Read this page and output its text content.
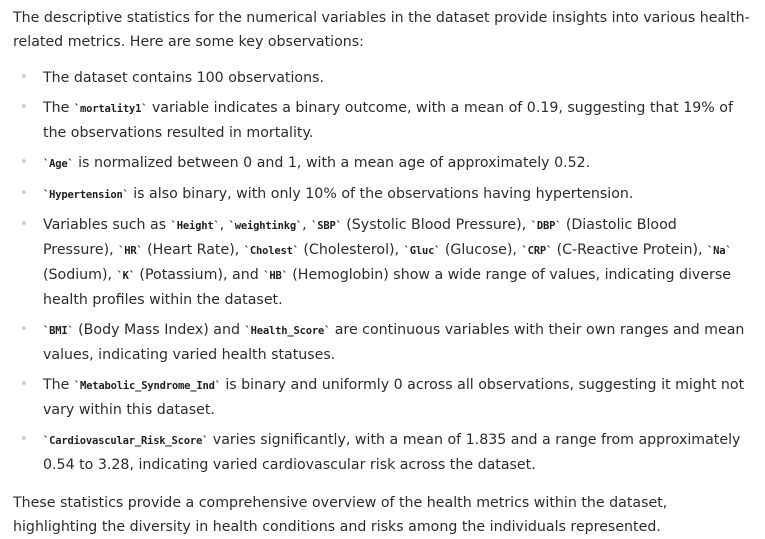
The descriptive statistics for the numerical variables in the dataset provide insights into various health-related metrics. Here are some key observations:

• The dataset contains 100 observations.
• The `mortality1` variable indicates a binary outcome, with a mean of 0.19, suggesting that 19% of the observations resulted in mortality.
• `Age` is normalized between 0 and 1, with a mean age of approximately 0.52.
• `Hypertension` is also binary, with only 10% of the observations having hypertension.
• Variables such as `Height`, `weightinkg`, `SBP` (Systolic Blood Pressure), `DBP` (Diastolic Blood Pressure), `HR` (Heart Rate), `Cholest` (Cholesterol), `Gluc` (Glucose), `CRP` (C-Reactive Protein), `Na` (Sodium), `K` (Potassium), and `HB` (Hemoglobin) show a wide range of values, indicating diverse health profiles within the dataset.
• `BMI` (Body Mass Index) and `Health_Score` are continuous variables with their own ranges and mean values, indicating varied health statuses.
• The `Metabolic_Syndrome_Ind` is binary and uniformly 0 across all observations, suggesting it might not vary within this dataset.
• `Cardiovascular_Risk_Score` varies significantly, with a mean of 1.835 and a range from approximately 0.54 to 3.28, indicating varied cardiovascular risk across the dataset.

These statistics provide a comprehensive overview of the health metrics within the dataset, highlighting the diversity in health conditions and risks among the individuals represented.
